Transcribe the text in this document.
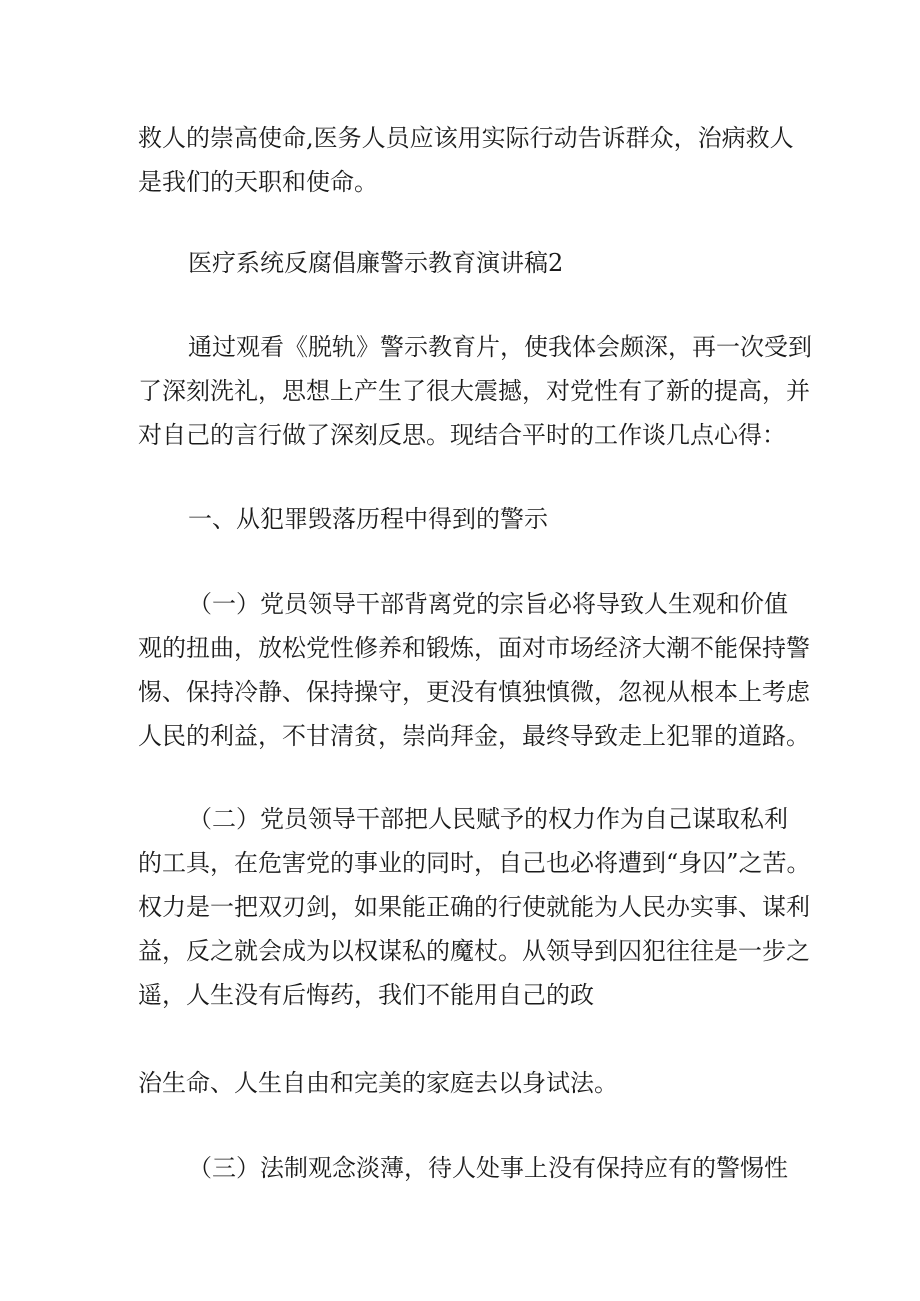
救人的崇高使命,医务人员应该用实际行动告诉群众，治病救人
是我们的天职和使命。
医疗系统反腐倡廉警示教育演讲稿2
通过观看《脱轨》警示教育片，使我体会颇深，再一次受到
了深刻洗礼，思想上产生了很大震撼，对党性有了新的提高，并
对自己的言行做了深刻反思。现结合平时的工作谈几点心得：
一、从犯罪毁落历程中得到的警示
（一）党员领导干部背离党的宗旨必将导致人生观和价值
观的扭曲，放松党性修养和锻炼，面对市场经济大潮不能保持警
惕、保持冷静、保持操守，更没有慎独慎微，忽视从根本上考虑
人民的利益，不甘清贫，崇尚拜金，最终导致走上犯罪的道路。
（二）党员领导干部把人民赋予的权力作为自己谋取私利
的工具，在危害党的事业的同时，自己也必将遭到“身囚”之苦。
权力是一把双刃剑，如果能正确的行使就能为人民办实事、谋利
益，反之就会成为以权谋私的魔杖。从领导到囚犯往往是一步之
遥，人生没有后悔药，我们不能用自己的政
治生命、人生自由和完美的家庭去以身试法。
（三）法制观念淡薄，待人处事上没有保持应有的警惕性
